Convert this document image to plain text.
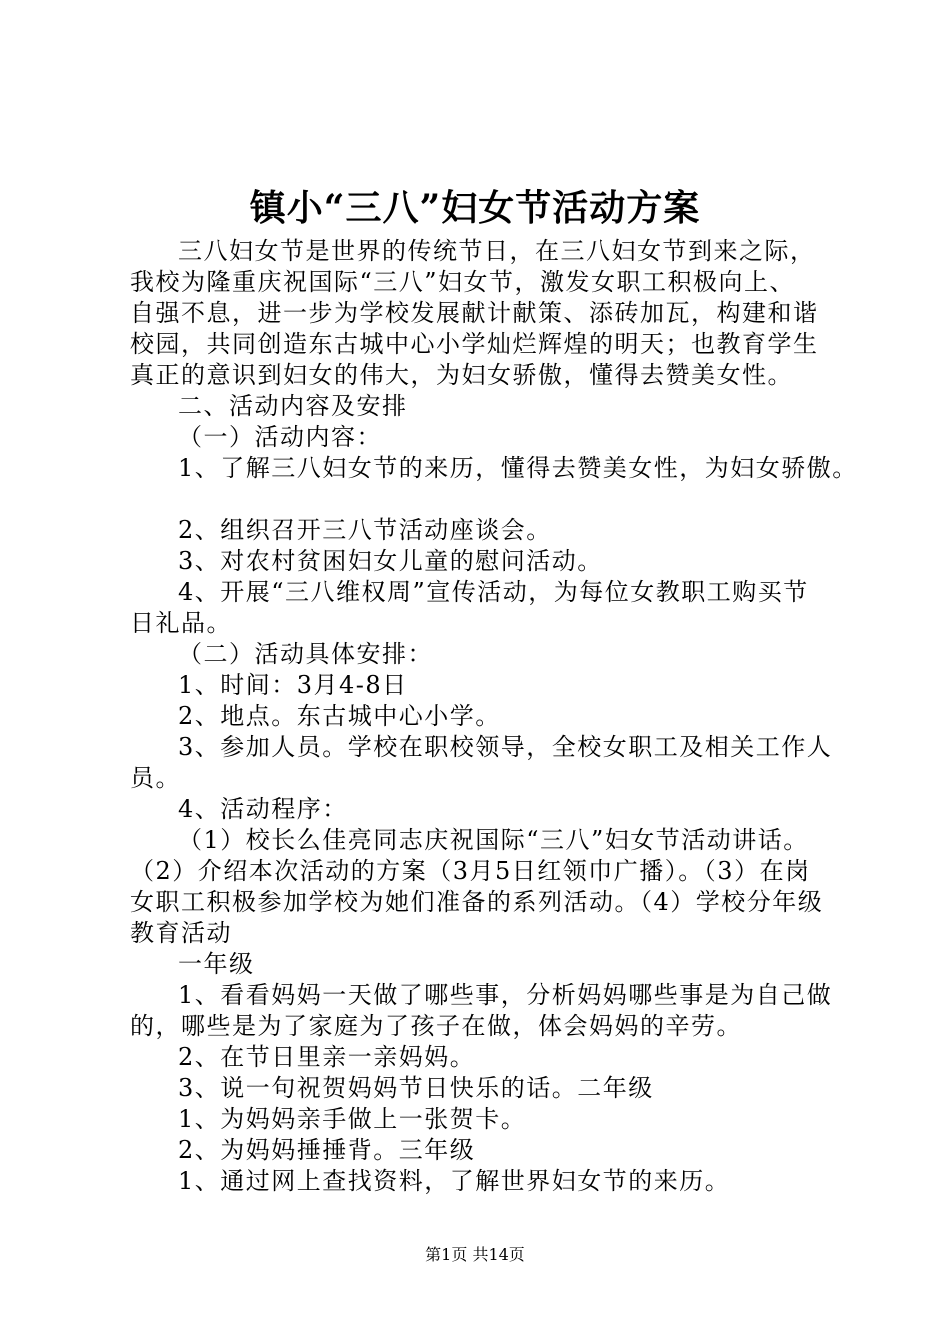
镇小“三八”妇女节活动方案

三八妇女节是世界的传统节日，在三八妇女节到来之际，

我校为隆重庆祝国际“三八”妇女节，激发女职工积极向上、

自强不息，进一步为学校发展献计献策、添砖加瓦，构建和谐

校园，共同创造东古城中心小学灿烂辉煌的明天；也教育学生

真正的意识到妇女的伟大，为妇女骄傲，懂得去赞美女性。

二、活动内容及安排

（一）活动内容：

1、了解三八妇女节的来历，懂得去赞美女性，为妇女骄傲。

2、组织召开三八节活动座谈会。

3、对农村贫困妇女儿童的慰问活动。

4、开展“三八维权周”宣传活动，为每位女教职工购买节

日礼品。

（二）活动具体安排：

1、时间：3月4-8日

2、地点。东古城中心小学。

3、参加人员。学校在职校领导，全校女职工及相关工作人

员。

4、活动程序：

（1）校长么佳亮同志庆祝国际“三八”妇女节活动讲话。

（2）介绍本次活动的方案（3月5日红领巾广播）。（3）在岗

女职工积极参加学校为她们准备的系列活动。（4）学校分年级

教育活动

一年级

1、看看妈妈一天做了哪些事，分析妈妈哪些事是为自己做

的，哪些是为了家庭为了孩子在做，体会妈妈的辛劳。

2、在节日里亲一亲妈妈。

3、说一句祝贺妈妈节日快乐的话。二年级

1、为妈妈亲手做上一张贺卡。

2、为妈妈捶捶背。三年级

1、通过网上查找资料，了解世界妇女节的来历。

第1页 共14页
